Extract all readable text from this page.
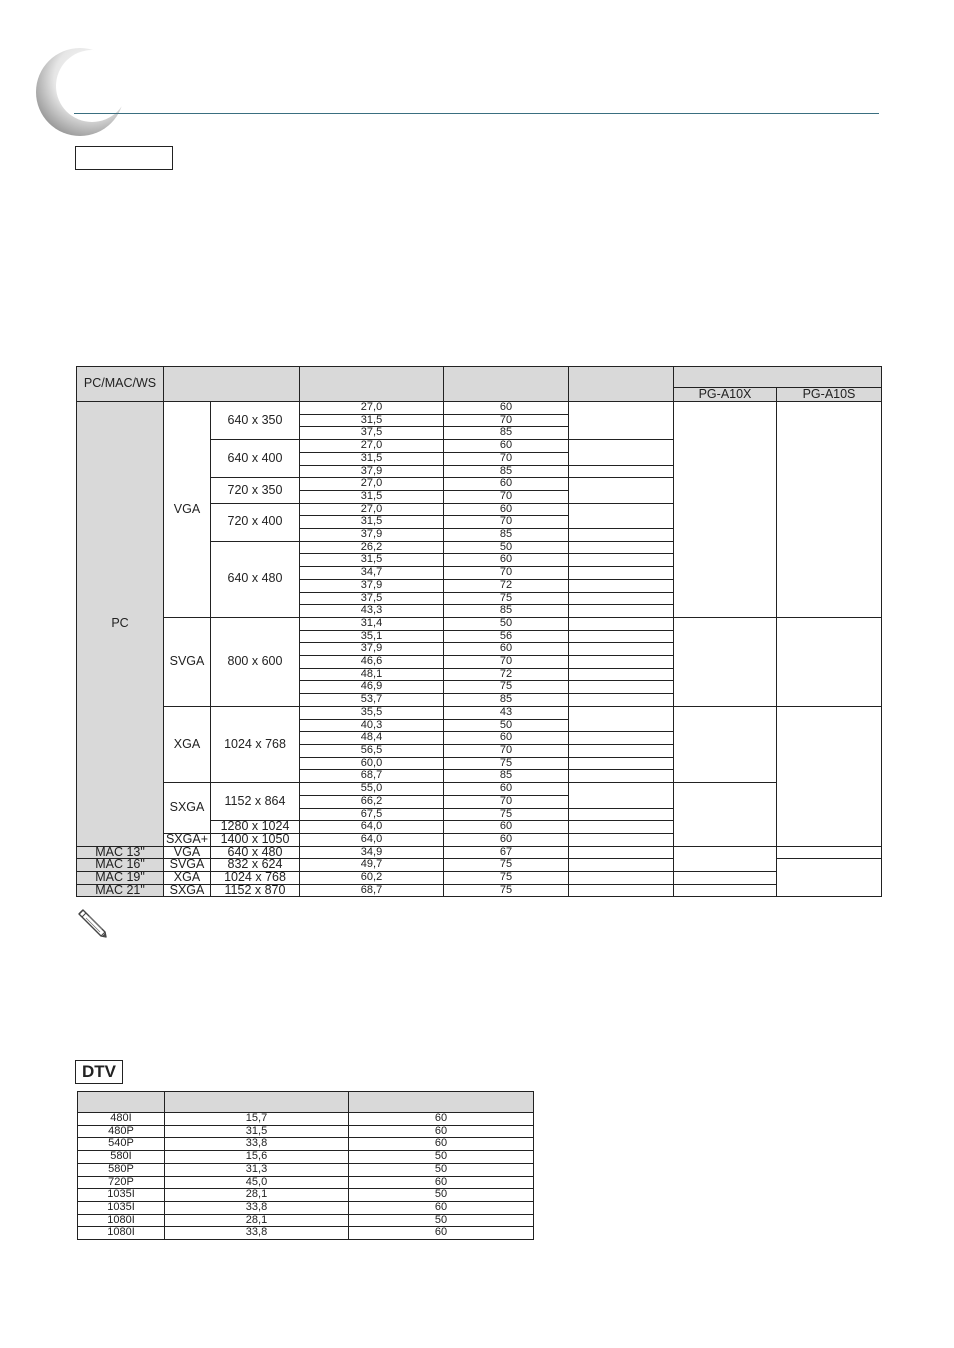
PC/MAC/WS							
						PG-A10X	PG-A10S
PC	VGA	640 x 350	27,0	60			
			31,5	70			
			37,5	85			
		640 x 400	27,0	60			
			31,5	70			
			37,9	85			
		720 x 350	27,0	60			
			31,5	70			
		720 x 400	27,0	60			
			31,5	70			
			37,9	85			
		640 x 480	26,2	50			
			31,5	60			
			34,7	70			
			37,9	72			
			37,5	75			
			43,3	85			
	SVGA	800 x 600	31,4	50			
			35,1	56			
			37,9	60			
			46,6	70			
			48,1	72			
			46,9	75			
			53,7	85			
	XGA	1024 x 768	35,5	43			
			40,3	50			
			48,4	60			
			56,5	70			
			60,0	75			
			68,7	85			
	SXGA	1152 x 864	55,0	60			
			66,2	70			
			67,5	75			
		1280 x 1024	64,0	60			
	SXGA+	1400 x 1050	64,0	60			
MAC 13"	VGA	640 x 480	34,9	67			
MAC 16"	SVGA	832 x 624	49,7	75			
MAC 19"	XGA	1024 x 768	60,2	75			
MAC 21"	SXGA	1152 x 870	68,7	75			
DTV

480I	15,7	60
480P	31,5	60
540P	33,8	60
580I	15,6	50
580P	31,3	50
720P	45,0	60
1035I	28,1	50
1035I	33,8	60
1080I	28,1	50
1080I	33,8	60
